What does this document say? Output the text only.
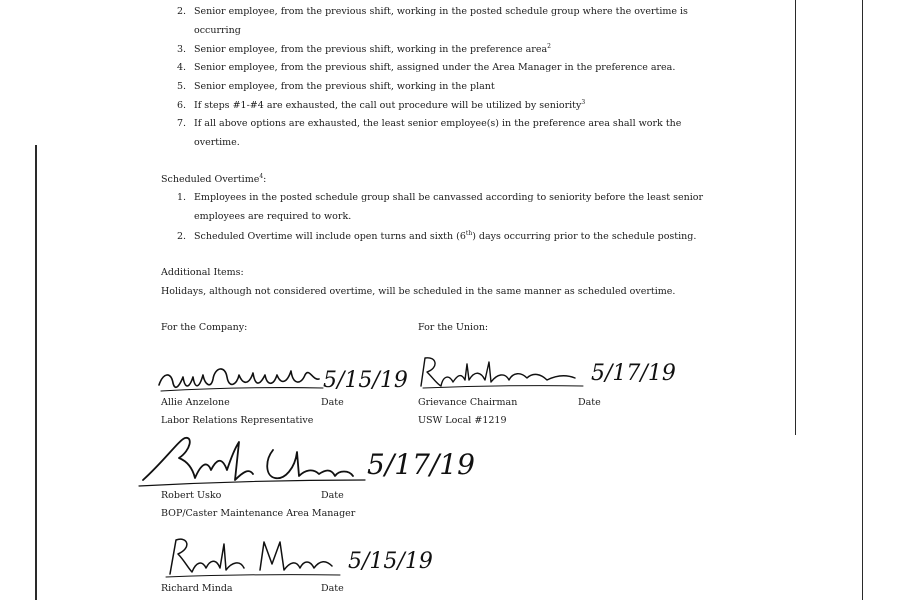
2. Senior employee, from the previous shift, working in the posted schedule group where the overtime is
occurring
3. Senior employee, from the previous shift, working in the preference area$^2$
4. Senior employee, from the previous shift, assigned under the Area Manager in the preference area.
5. Senior employee, from the previous shift, working in the plant
6. If steps #1-#4 are exhausted, the call out procedure will be utilized by seniority$^3$
7. If all above options are exhausted, the least senior employee(s) in the preference area shall work the
overtime.
Scheduled Overtime$^4$:
1. Employees in the posted schedule group shall be canvassed according to seniority before the least senior
employees are required to work.
2. Scheduled Overtime will include open turns and sixth (6th) days occurring prior to the schedule posting.
Additional Items:
Holidays, although not considered overtime, will be scheduled in the same manner as scheduled overtime.
For the Company:	For the Union:
5/15/19
Allie Anzelone	Date
Labor Relations Representative
5/17/19
Grievance Chairman	Date
USW Local #1219
5/17/19
Robert Usko	Date
BOP/Caster Maintenance Area Manager
5/15/19
Richard Minda	Date
